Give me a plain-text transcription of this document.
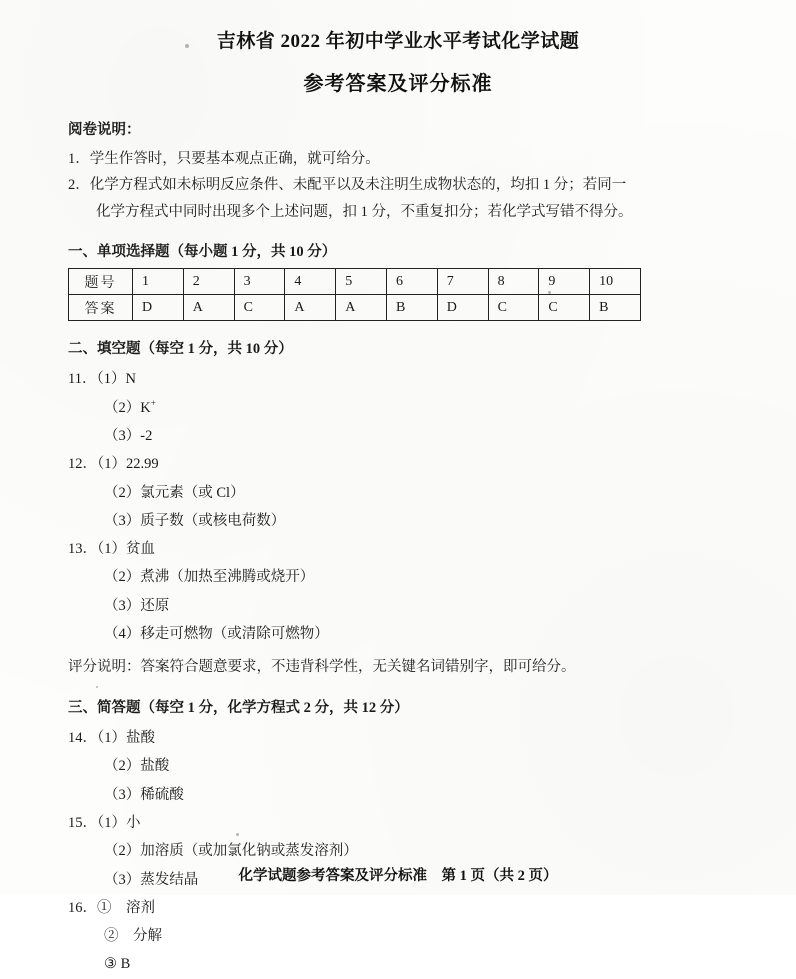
吉林省 2022 年初中学业水平考试化学试题
参考答案及评分标准
阅卷说明：

1．学生作答时，只要基本观点正确，就可给分。

2．化学方程式如未标明反应条件、未配平以及未注明生成物状态的，均扣 1 分；若同一

化学方程式中同时出现多个上述问题，扣 1 分，不重复扣分；若化学式写错不得分。

一、单项选择题（每小题 1 分，共 10 分）
题号	1	2	3	4	5	6	7	8	9	10
答案	D	A	C	A	A	B	D	C	C	B
二、填空题（每空 1 分，共 10 分）

11．（1）N

（2）K+

（3）-2

12．（1）22.99

（2）氯元素（或 Cl）

（3）质子数（或核电荷数）

13．（1）贫血

（2）煮沸（加热至沸腾或烧开）

（3）还原

（4）移走可燃物（或清除可燃物）

评分说明：答案符合题意要求，不违背科学性，无关键名词错别字，即可给分。

三、简答题（每空 1 分，化学方程式 2 分，共 12 分）

14．（1）盐酸

（2）盐酸

（3）稀硫酸

15．（1）小

（2）加溶质（或加氯化钠或蒸发溶剂）

（3）蒸发结晶

16．①　溶剂

②　分解

③ B

化学试题参考答案及评分标准　第 1 页（共 2 页）
